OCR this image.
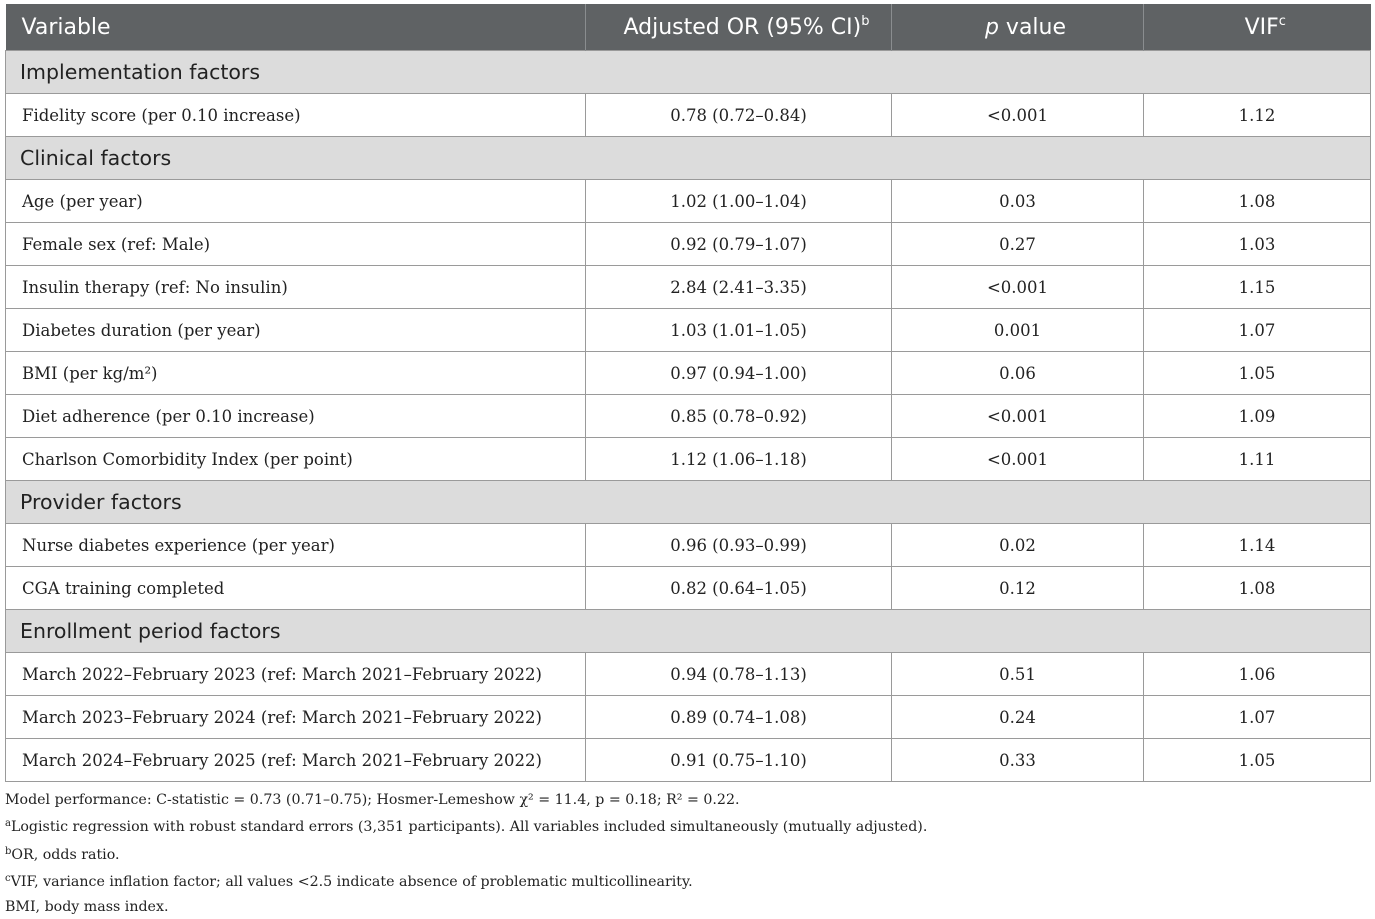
Variable	Adjusted OR (95% CI)$^b$	p value	VIF$^c$
Implementation factors			
Fidelity score (per 0.10 increase)	0.78 (0.72–0.84)	<0.001	1.12
Clinical factors			
Age (per year)	1.02 (1.00–1.04)	0.03	1.08
Female sex (ref: Male)	0.92 (0.79–1.07)	0.27	1.03
Insulin therapy (ref: No insulin)	2.84 (2.41–3.35)	<0.001	1.15
Diabetes duration (per year)	1.03 (1.01–1.05)	0.001	1.07
BMI (per kg/m²)	0.97 (0.94–1.00)	0.06	1.05
Diet adherence (per 0.10 increase)	0.85 (0.78–0.92)	<0.001	1.09
Charlson Comorbidity Index (per point)	1.12 (1.06–1.18)	<0.001	1.11
Provider factors			
Nurse diabetes experience (per year)	0.96 (0.93–0.99)	0.02	1.14
CGA training completed	0.82 (0.64–1.05)	0.12	1.08
Enrollment period factors			
March 2022–February 2023 (ref: March 2021–February 2022)	0.94 (0.78–1.13)	0.51	1.06
March 2023–February 2024 (ref: March 2021–February 2022)	0.89 (0.74–1.08)	0.24	1.07
March 2024–February 2025 (ref: March 2021–February 2022)	0.91 (0.75–1.10)	0.33	1.05
Model performance: C-statistic = 0.73 (0.71–0.75); Hosmer-Lemeshow χ² = 11.4, p = 0.18; R² = 0.22.
$^a$Logistic regression with robust standard errors (3,351 participants). All variables included simultaneously (mutually adjusted).
$^b$OR, odds ratio.
$^c$VIF, variance inflation factor; all values <2.5 indicate absence of problematic multicollinearity.
BMI, body mass index.
